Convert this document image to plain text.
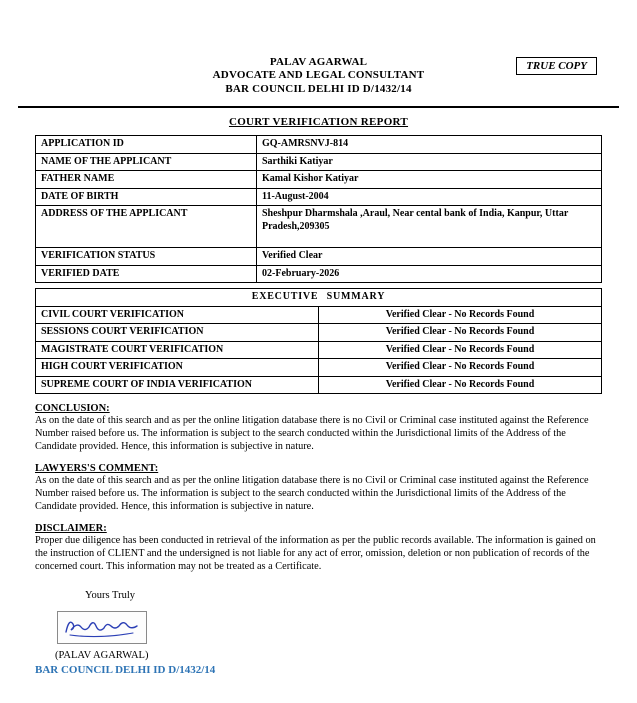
TRUE COPY
PALAV AGARWAL
ADVOCATE AND LEGAL CONSULTANT
BAR COUNCIL DELHI ID D/1432/14
COURT VERIFICATION REPORT
APPLICATION ID	GQ-AMRSNVJ-814
NAME OF THE APPLICANT	Sarthiki Katiyar
FATHER NAME	Kamal Kishor Katiyar
DATE OF BIRTH	11-August-2004
ADDRESS OF THE APPLICANT	Sheshpur Dharmshala ,Araul, Near cental bank of India, Kanpur, Uttar Pradesh,209305
VERIFICATION STATUS	Verified Clear
VERIFIED DATE	02-February-2026
EXECUTIVE SUMMARY	
CIVIL COURT VERIFICATION	Verified Clear - No Records Found
SESSIONS COURT VERIFICATION	Verified Clear - No Records Found
MAGISTRATE COURT VERIFICATION	Verified Clear - No Records Found
HIGH COURT VERIFICATION	Verified Clear - No Records Found
SUPREME COURT OF INDIA VERIFICATION	Verified Clear - No Records Found
CONCLUSION:
As on the date of this search and as per the online litigation database there is no Civil or Criminal case instituted against the Reference Number raised before us. The information is subject to the search conducted within the Jurisdictional limits of the Address of the Candidate provided. Hence, this information is subjective in nature.
LAWYERS'S COMMENT:
As on the date of this search and as per the online litigation database there is no Civil or Criminal case instituted against the Reference Number raised before us. The information is subject to the search conducted within the Jurisdictional limits of the Address of the Candidate provided. Hence, this information is subjective in nature.
DISCLAIMER:
Proper due diligence has been conducted in retrieval of the information as per the public records available. The information is gained on the instruction of CLIENT and the undersigned is not liable for any act of error, omission, deletion or non publication of records of the concerned court. This information may not be treated as a Certificate.
Yours Truly
(PALAV AGARWAL)
BAR COUNCIL DELHI ID D/1432/14
